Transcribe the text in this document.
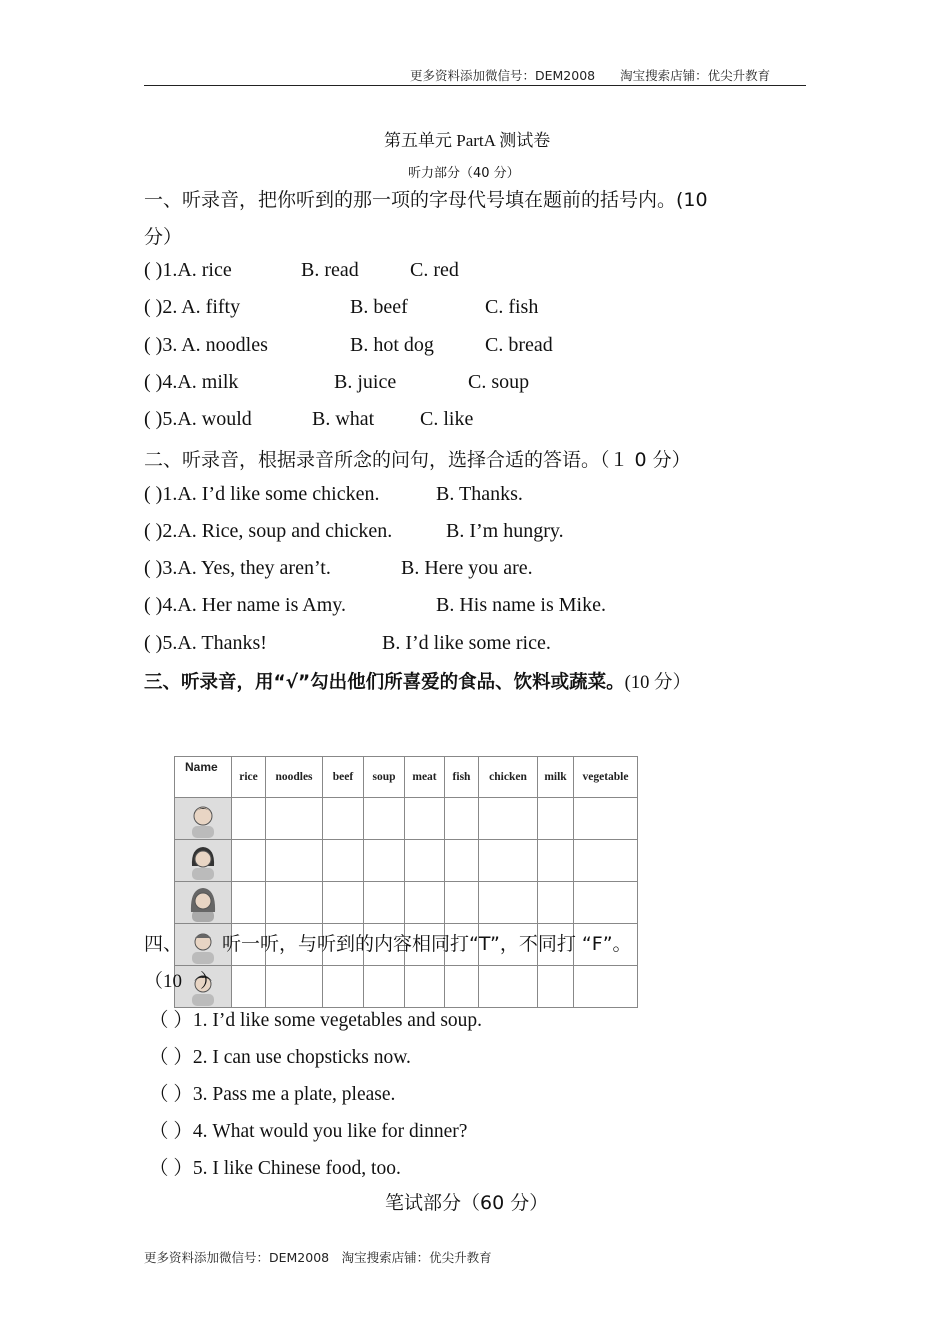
更多资料添加微信号：DEM2008　　淘宝搜索店铺：优尖升教育
第五单元 PartA 测试卷
听力部分（40 分）
一、听录音，把你听到的那一项的字母代号填在题前的括号内。(10
分）
( )1.A. rice	B. read	C. red
( )2. A. fifty	B. beef	C. fish
( )3. A. noodles	B. hot dog	C. bread
( )4.A. milk	B. juice	C. soup
( )5.A. would	B. what C. like
二、听录音，根据录音所念的问句，选择合适的答语。（１ 0 分）
( )1.A. I’d like some chicken.	B. Thanks.
( )2.A. Rice, soup and chicken.	B. I’m hungry.
( )3.A. Yes, they aren’t.	B. Here you are.
( )4.A. Her name is Amy.	B. His name is Mike.
( )5.A. Thanks!	B. I’d like some rice.
三、听录音，用“√”勾出他们所喜爱的食品、饮料或蔬菜。(10 分）
Name	rice	noodles	beef	soup	meat	fish	chicken	milk	vegetable

四、 听一听，与听到的内容相同打“T”，不同打 “F”。
（10 ）
（ ）1. I’d like some vegetables and soup.
（ ）2. I can use chopsticks now.
（ ）3. Pass me a plate, please.
（ ）4. What would you like for dinner?
（ ）5. I like Chinese food, too.
笔试部分（60 分）
更多资料添加微信号：DEM2008　淘宝搜索店铺：优尖升教育
